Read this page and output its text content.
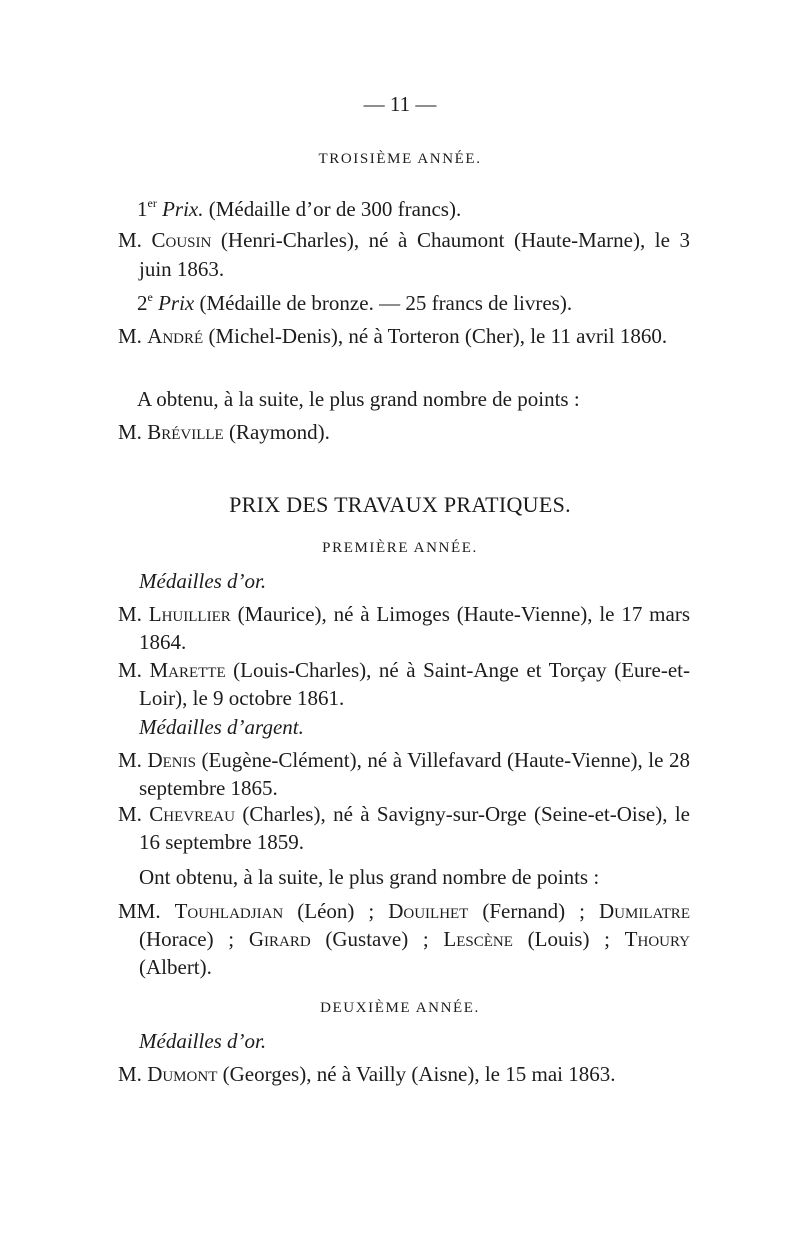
— 11 —
TROISIÈME ANNÉE.
1er Prix. (Médaille d’or de 300 francs).
M. Cousin (Henri-Charles), né à Chaumont (Haute-Marne), le 3 juin 1863.
2e Prix (Médaille de bronze. — 25 francs de livres).
M. André (Michel-Denis), né à Torteron (Cher), le 11 avril 1860.
A obtenu, à la suite, le plus grand nombre de points :
M. Bréville (Raymond).
PRIX DES TRAVAUX PRATIQUES.
PREMIÈRE ANNÉE.
Médailles d’or.
M. Lhuillier (Maurice), né à Limoges (Haute-Vienne), le 17 mars 1864.
M. Marette (Louis-Charles), né à Saint-Ange et Torçay (Eure-et-Loir), le 9 octobre 1861.
Médailles d’argent.
M. Denis (Eugène-Clément), né à Villefavard (Haute-Vienne), le 28 septembre 1865.
M. Chevreau (Charles), né à Savigny-sur-Orge (Seine-et-Oise), le 16 septembre 1859.
Ont obtenu, à la suite, le plus grand nombre de points :
MM. Touhladjian (Léon) ; Douilhet (Fernand) ; Dumilatre (Horace) ; Girard (Gustave) ; Lescène (Louis) ; Thoury (Albert).
DEUXIÈME ANNÉE.
Médailles d’or.
M. Dumont (Georges), né à Vailly (Aisne), le 15 mai 1863.
